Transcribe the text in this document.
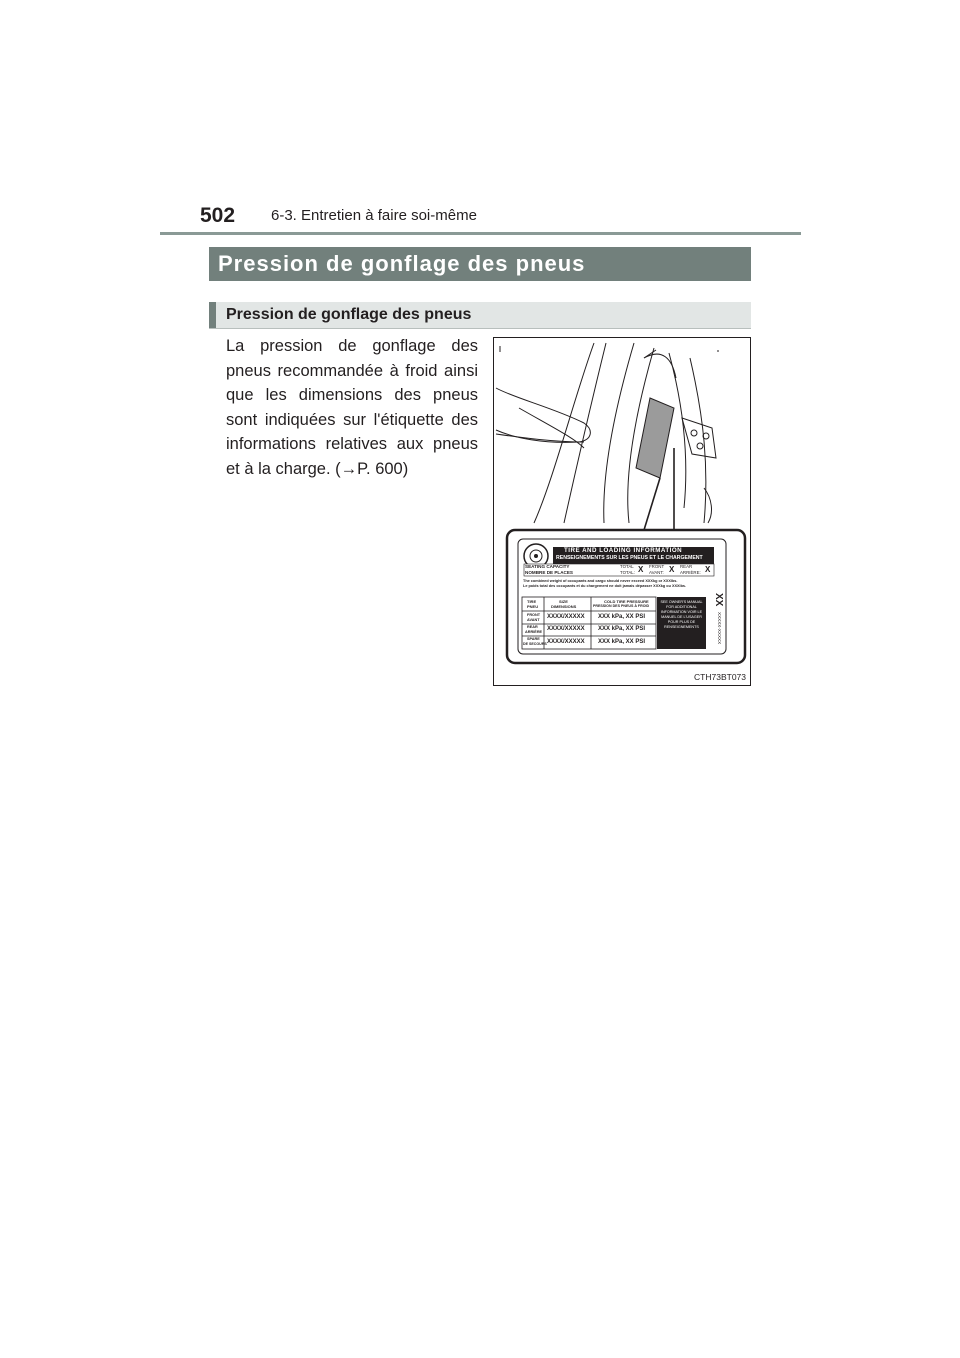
502 6-3. Entretien à faire soi-même
Pression de gonflage des pneus
Pression de gonflage des pneus
La pression de gonflage des pneus recommandée à froid ainsi que les dimensions des pneus sont indiquées sur l'étiquette des informations relatives aux pneus et à la charge. (→P. 600)
TIRE AND LOADING INFORMATION
RENSEIGNEMENTS SUR LES PNEUS ET LE CHARGEMENT
SEATING CAPACITY
NOMBRE DE PLACES
TOTAL
TOTAL: X FRONT
AVANT: X REAR
ARRIÈRE: X
The combined weight of occupants and cargo should never exceed XXXkg or XXXlbs.
Le poids total des occupants et du chargement ne doit jamais dépasser XXXkg ou XXXlbs.
TIRE
PNEU
SIZE
DIMENSIONS
COLD TIRE PRESSURE
PRESSION DES PNEUS À FROID
FRONT
AVANT XXXX/XXXXX XXX kPa, XX PSI
REAR
ARRIÈRE XXXX/XXXXX XXX kPa, XX PSI
SPARE
DE SECOURS XXXX/XXXXX XXX kPa, XX PSI
SEE OWNER'S MANUAL FOR ADDITIONAL INFORMATION VOIR LE MANUEL DE L'USAGER POUR PLUS DE RENSEIGNEMENTS
XX
XXXXX-XXXXX
CTH73BT073
